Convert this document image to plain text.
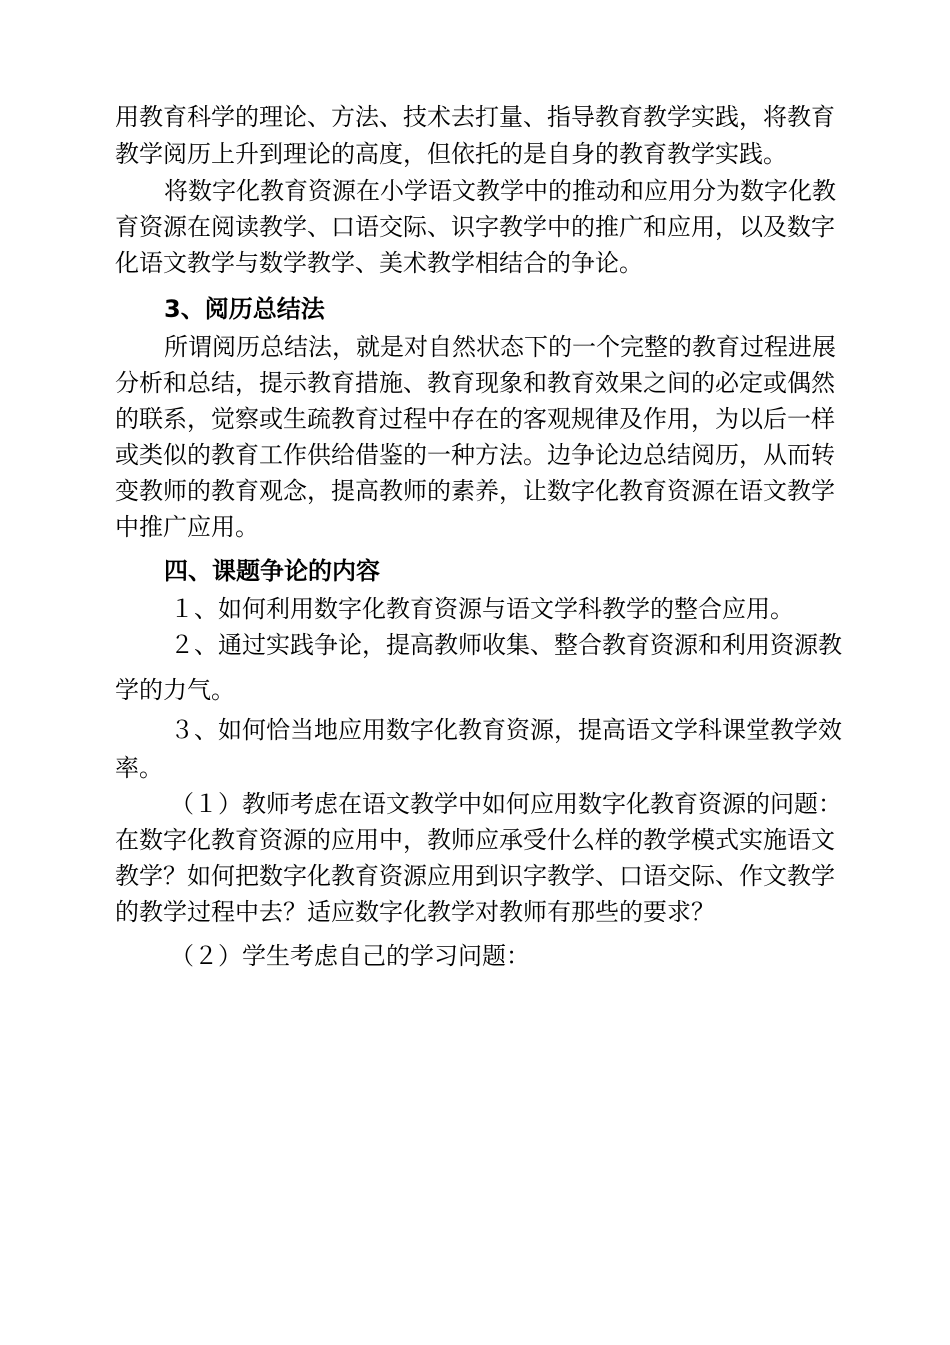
用教育科学的理论、方法、技术去打量、指导教育教学实践，将教育
教学阅历上升到理论的高度，但依托的是自身的教育教学实践。
将数字化教育资源在小学语文教学中的推动和应用分为数字化教
育资源在阅读教学、口语交际、识字教学中的推广和应用，以及数字
化语文教学与数学教学、美术教学相结合的争论。
3、阅历总结法
所谓阅历总结法，就是对自然状态下的一个完整的教育过程进展
分析和总结，提示教育措施、教育现象和教育效果之间的必定或偶然
的联系，觉察或生疏教育过程中存在的客观规律及作用，为以后一样
或类似的教育工作供给借鉴的一种方法。边争论边总结阅历，从而转
变教师的教育观念，提高教师的素养，让数字化教育资源在语文教学
中推广应用。
四、课题争论的内容
１、如何利用数字化教育资源与语文学科教学的整合应用。
２、通过实践争论，提高教师收集、整合教育资源和利用资源教
学的力气。
３、如何恰当地应用数字化教育资源，提高语文学科课堂教学效
率。
（１）教师考虑在语文教学中如何应用数字化教育资源的问题：
在数字化教育资源的应用中，教师应承受什么样的教学模式实施语文
教学？如何把数字化教育资源应用到识字教学、口语交际、作文教学
的教学过程中去？适应数字化教学对教师有那些的要求？
（２）学生考虑自己的学习问题：
